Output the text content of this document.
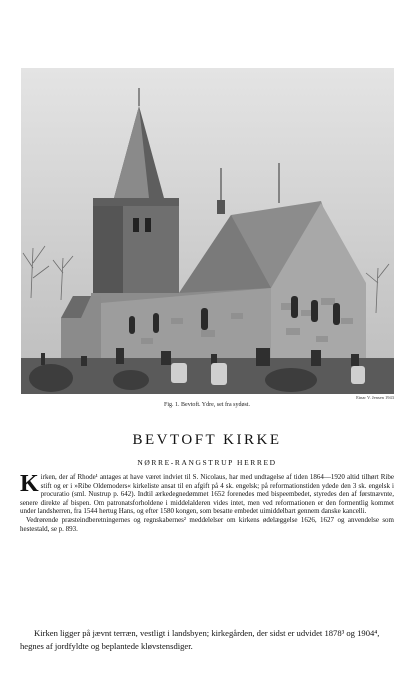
Einar V. Jensen 1943
Fig. 1. Bevtoft. Ydre, set fra sydøst.
BEVTOFT KIRKE
NØRRE-RANGSTRUP HERRED

K irken, der af Rhode¹ antages at have været indviet til S. Nicolaus, har med undtagelse af tiden 1864—1920 altid tilhørt Ribe stift og er i »Ribe Oldemoders« kirkeliste ansat til en afgift på 4 sk. engelsk; på reformationstiden ydede den 3 sk. engelsk i procuratio (sml. Nustrup p. 642). Indtil ærkedegnedømmet 1652 forenedes med bispeembedet, styredes den af førstnævnte, senere direkte af bispen. Om patronatsforholdene i middelalderen vides intet, men ved reformationen er den formentlig kommet under landsherren, fra 1544 hertug Hans, og efter 1580 kongen, som besatte embedet uimiddelbart gennem danske kancelli.

Vedrørende præsteindberetningernes og regnskabernes² meddelelser om kirkens ødelæggelse 1626, 1627 og anvendelse som hestestald, se p. 893.

Kirken ligger på jævnt terræn, vestligt i landsbyen; kirkegården, der sidst er udvidet 1878³ og 1904⁴, hegnes af jordfyldte og beplantede kløvstensdiger.
